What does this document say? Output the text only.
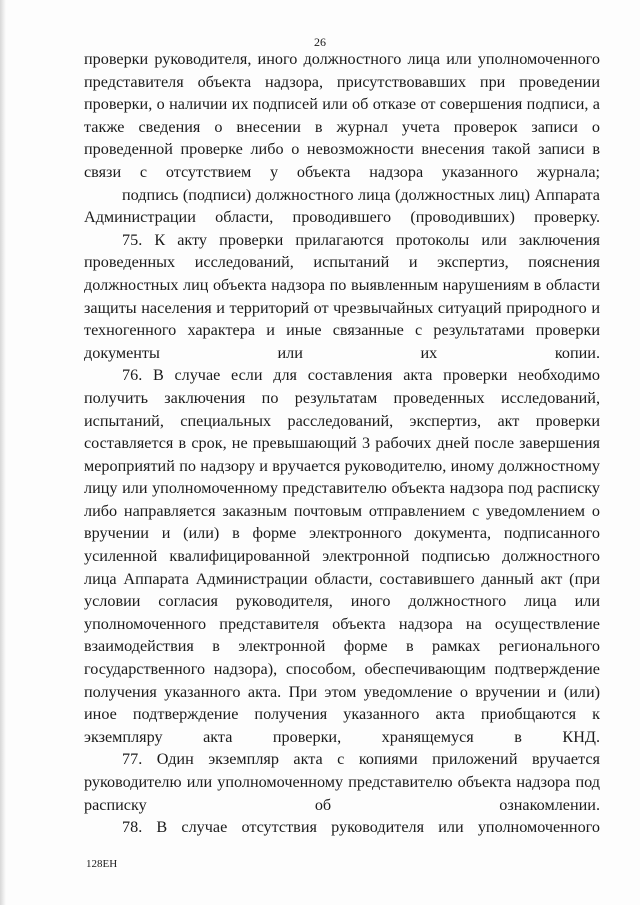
26

проверки руководителя, иного должностного лица или уполномоченного представителя объекта надзора, присутствовавших при проведении проверки, о наличии их подписей или об отказе от совершения подписи, а также сведения о внесении в журнал учета проверок записи о проведенной проверке либо о невозможности внесения такой записи в связи с отсутствием у объекта надзора указанного журнала;

подпись (подписи) должностного лица (должностных лиц) Аппарата Администрации области, проводившего (проводивших) проверку.

75. К акту проверки прилагаются протоколы или заключения проведенных исследований, испытаний и экспертиз, пояснения должностных лиц объекта надзора по выявленным нарушениям в области защиты населения и территорий от чрезвычайных ситуаций природного и техногенного характера и иные связанные с результатами проверки документы или их копии.

76. В случае если для составления акта проверки необходимо получить заключения по результатам проведенных исследований, испытаний, специальных расследований, экспертиз, акт проверки составляется в срок, не превышающий 3 рабочих дней после завершения мероприятий по надзору и вручается руководителю, иному должностному лицу или уполномоченному представителю объекта надзора под расписку либо направляется заказным почтовым отправлением с уведомлением о вручении и (или) в форме электронного документа, подписанного усиленной квалифицированной электронной подписью должностного лица Аппарата Администрации области, составившего данный акт (при условии согласия руководителя, иного должностного лица или уполномоченного представителя объекта надзора на осуществление взаимодействия в электронной форме в рамках регионального государственного надзора), способом, обеспечивающим подтверждение получения указанного акта. При этом уведомление о вручении и (или) иное подтверждение получения указанного акта приобщаются к экземпляру акта проверки, хранящемуся в КНД.

77. Один экземпляр акта с копиями приложений вручается руководителю или уполномоченному представителю объекта надзора под расписку об ознакомлении.

78. В случае отсутствия руководителя или уполномоченного

128ЕН
